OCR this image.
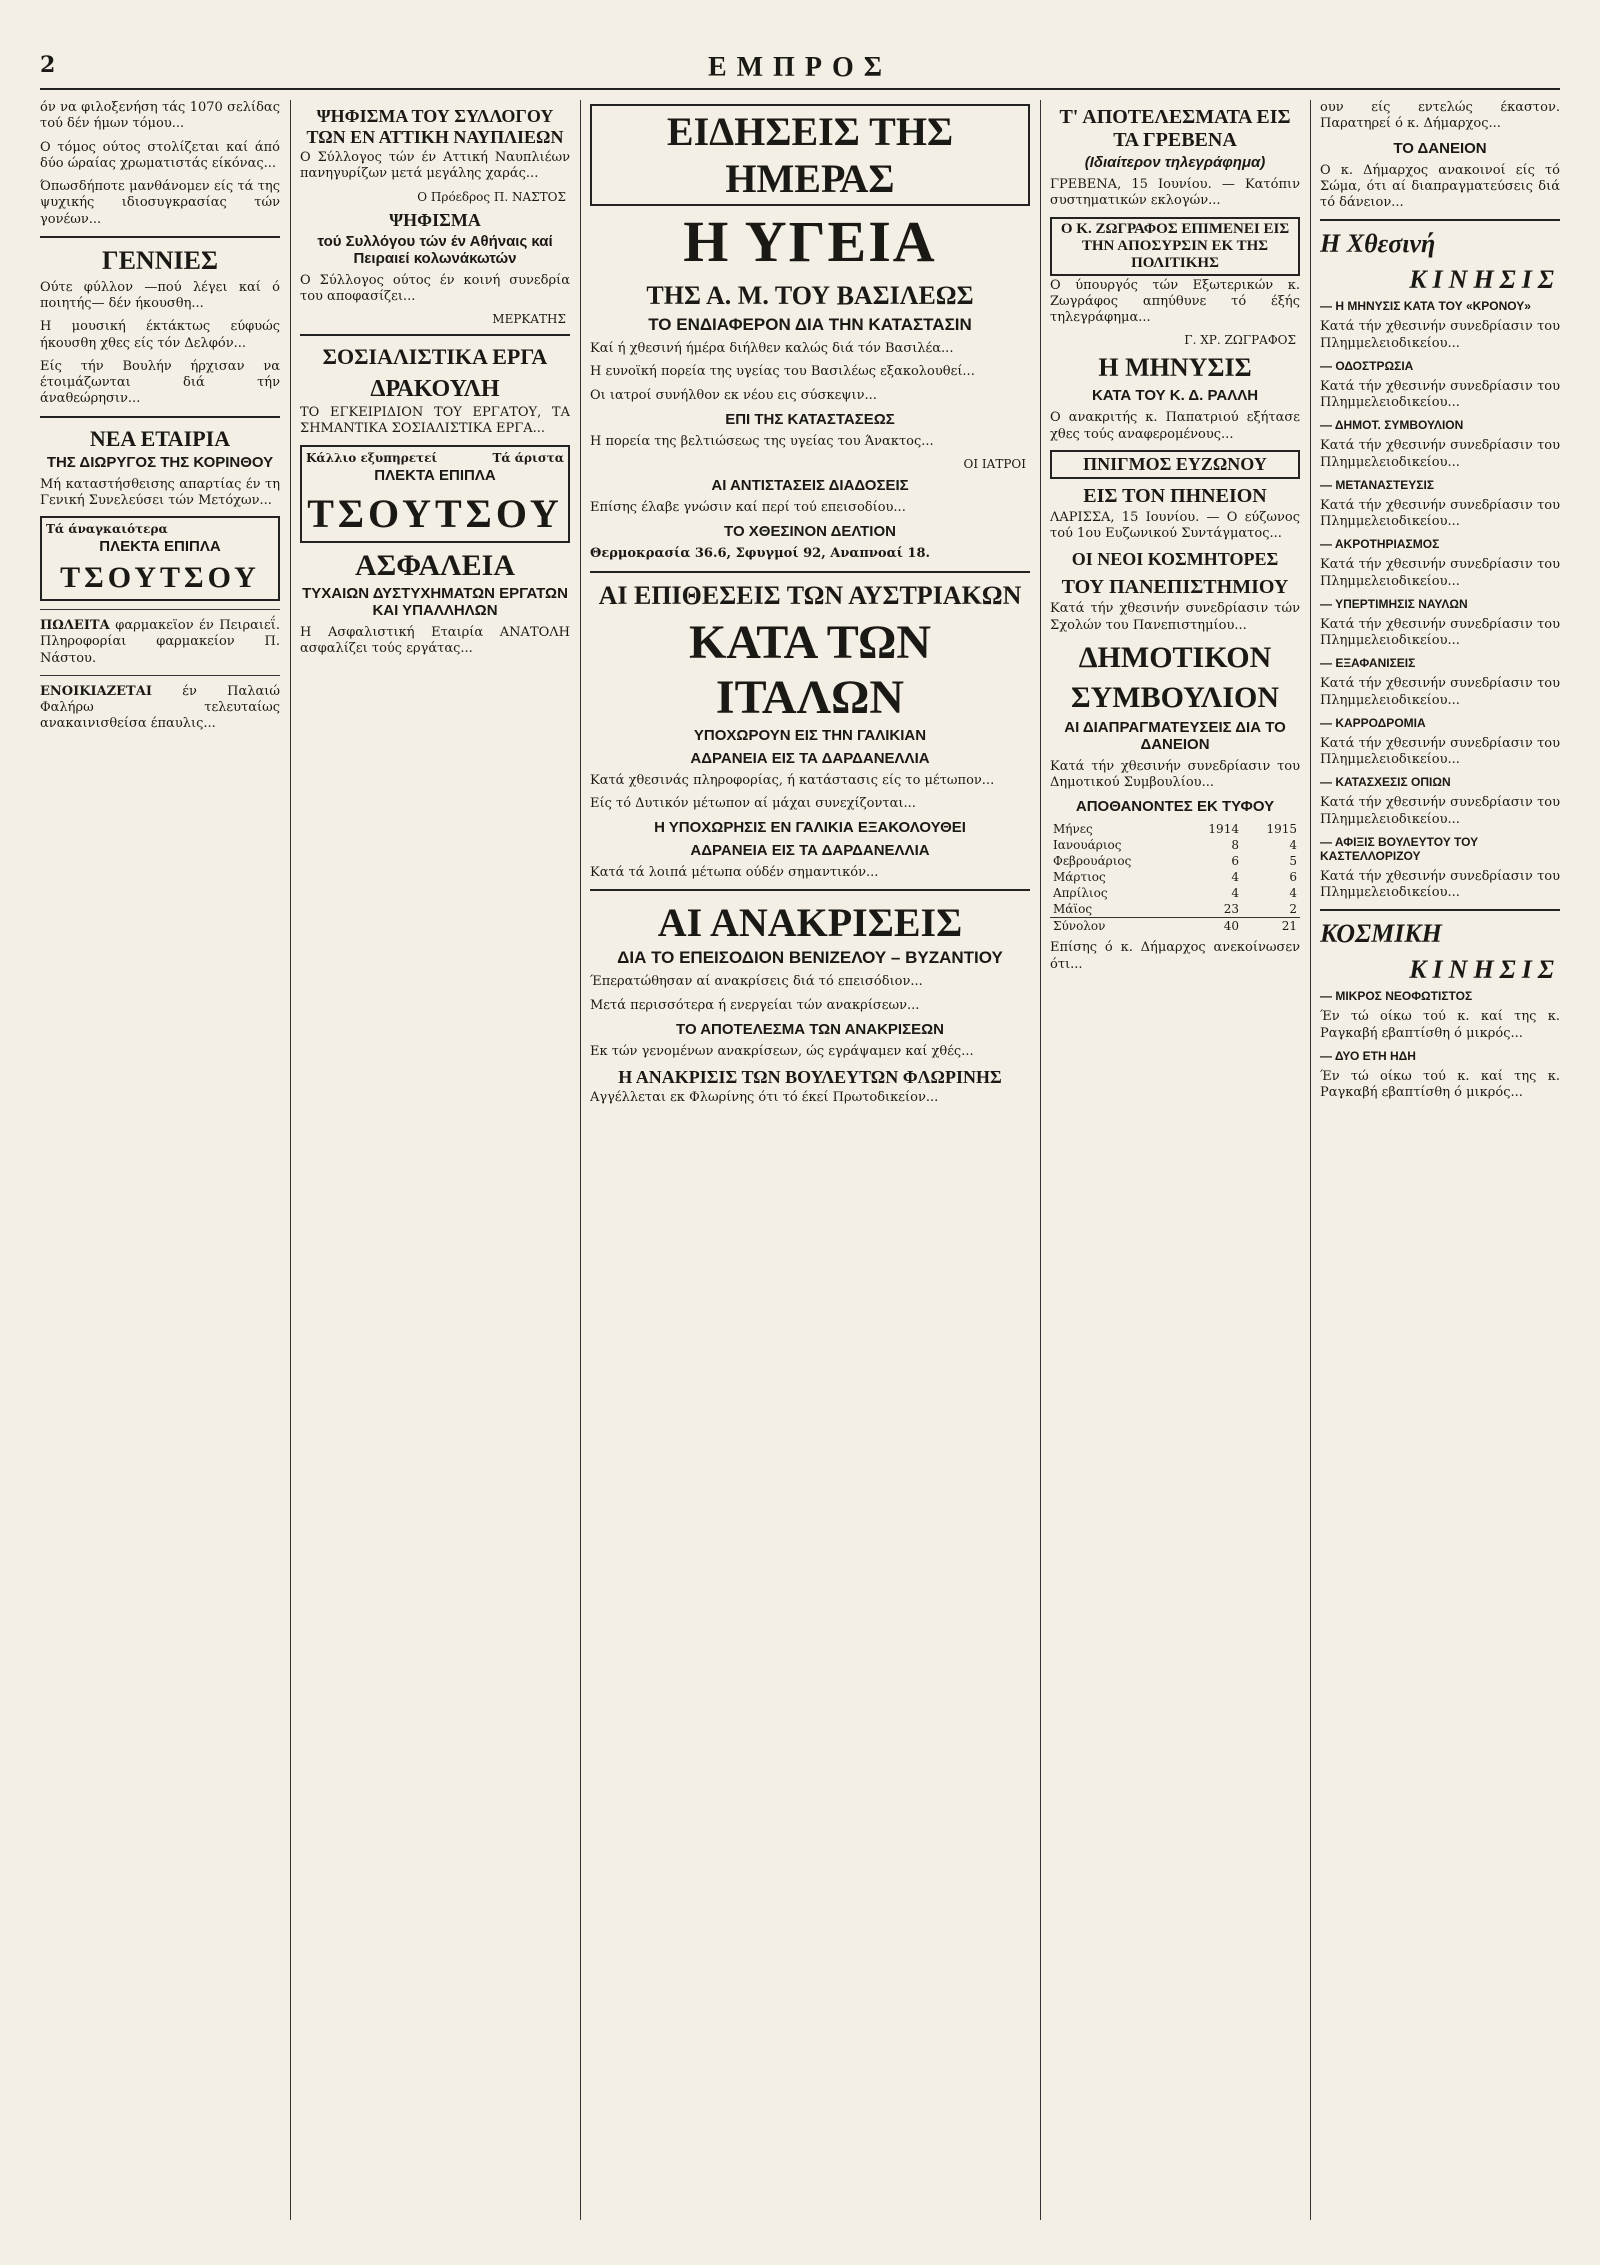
2	ΕΜΠΡΟΣ

όν να φιλοξενήση τάς 1070 σελίδας τού δέν ήμων τόμου...

Ο τόμος ούτος στολίζεται καί άπό δύο ώραίας χρωματιστάς είκόνας...

Όπωσδήποτε μανθάνομεν είς τά της ψυχικής ιδιοσυγκρασίας τών γονέων...

ΓΕΝΝΙΕΣ

Ούτε φύλλον —πού λέγει καί ό ποιητής— δέν ήκουσθη...

Η μουσική έκτάκτως εύφυώς ήκουσθη χθες είς τόν Δελφόν...

Είς τήν Βουλήν ήρχισαν να έτοιμάζωνται διά τήν άναθεώρησιν...

ΝΕΑ ΕΤΑΙΡΙΑ
ΤΗΣ ΔΙΩΡΥΓΟΣ ΤΗΣ ΚΟΡΙΝΘΟΥ

Μή καταστήσθεισης απαρτίας έν τη Γενική Συνελεύσει τών Μετόχων...

Τά άναγκαιότερα
ΠΛΕΚΤΑ ΕΠΙΠΛΑ
ΤΣΟΥΤΣΟΥ

ΠΩΛΕΙΤΑ φαρμακεϊον έν Πειραιεΐ. Πληροφορίαι φαρμακείον Π. Νάστου.

ΕΝΟΙΚΙΑΖΕΤΑΙ έν Παλαιώ Φαλήρω τελευταίως ανακαινισθείσα έπαυλις...

ΨΗΦΙΣΜΑ ΤΟΥ ΣΥΛΛΟΓΟΥ ΤΩΝ ΕΝ ΑΤΤΙΚΗ ΝΑΥΠΛΙΕΩΝ

Ο Σύλλογος τών έν Αττική Ναυπλιέων πανηγυρίζων μετά μεγάλης χαράς...

Ο Πρόεδρος Π. ΝΑΣΤΟΣ
ΨΗΦΙΣΜΑ
τού Συλλόγου τών έν Αθήναις καί Πειραιεί κολωνάκωτών

Ο Σύλλογος ούτος έν κοινή συνεδρία του αποφασίζει...

ΜΕΡΚΑΤΗΣ
ΣΟΣΙΑΛΙΣΤΙΚΑ ΕΡΓΑ
ΔΡΑΚΟΥΛΗ

ΤΟ ΕΓΚΕΙΡΙΔΙΟΝ ΤΟΥ ΕΡΓΑΤΟΥ, ΤΑ ΣΗΜΑΝΤΙΚΑ ΣΟΣΙΑΛΙΣΤΙΚΑ ΕΡΓΑ...

Κάλλιο εξυπηρετεί	Τά άριστα
ΠΛΕΚΤΑ ΕΠΙΠΛΑ
ΤΣΟΥΤΣΟΥ
ΑΣΦΑΛΕΙΑ
ΤΥΧΑΙΩΝ ΔΥΣΤΥΧΗΜΑΤΩΝ ΕΡΓΑΤΩΝ ΚΑΙ ΥΠΑΛΛΗΛΩΝ

Η Ασφαλιστική Εταιρία ΑΝΑΤΟΛΗ ασφαλίζει τούς εργάτας...

ΕΙΔΗΣΕΙΣ ΤΗΣ ΗΜΕΡΑΣ
Η ΥΓΕΙΑ
ΤΗΣ Α. Μ. ΤΟΥ ΒΑΣΙΛΕΩΣ
ΤΟ ΕΝΔΙΑΦΕΡΟΝ ΔΙΑ ΤΗΝ ΚΑΤΑΣΤΑΣΙΝ

Καί ή χθεσινή ήμέρα διήλθεν καλώς διά τόν Βασιλέα...

Η ευνοϊκή πορεία της υγείας του Βασιλέως εξακολουθεί...

Οι ιατροί συνήλθον εκ νέου εις σύσκεψιν...

ΕΠΙ ΤΗΣ ΚΑΤΑΣΤΑΣΕΩΣ

Η πορεία της βελτιώσεως της υγείας του Άνακτος...

ΟΙ ΙΑΤΡΟΙ
ΑΙ ΑΝΤΙΣΤΑΣΕΙΣ ΔΙΑΔΟΣΕΙΣ

Επίσης έλαβε γνώσιν καί περί τού επεισοδίου...

ΤΟ ΧΘΕΣΙΝΟΝ ΔΕΛΤΙΟΝ

Θερμοκρασία 36.6, Σφυγμοί 92, Αναπνοαί 18.

ΑΙ ΕΠΙΘΕΣΕΙΣ ΤΩΝ ΑΥΣΤΡΙΑΚΩΝ
ΚΑΤΑ ΤΩΝ ΙΤΑΛΩΝ
ΥΠΟΧΩΡΟΥΝ ΕΙΣ ΤΗΝ ΓΑΛΙΚΙΑΝ
ΑΔΡΑΝΕΙΑ ΕΙΣ ΤΑ ΔΑΡΔΑΝΕΛΛΙΑ

Κατά χθεσινάς πληροφορίας, ή κατάστασις είς το μέτωπον...

Είς τό Δυτικόν μέτωπον αί μάχαι συνεχίζονται...

Η ΥΠΟΧΩΡΗΣΙΣ ΕΝ ΓΑΛΙΚΙΑ ΕΞΑΚΟΛΟΥΘΕΙ
ΑΔΡΑΝΕΙΑ ΕΙΣ ΤΑ ΔΑΡΔΑΝΕΛΛΙΑ

Κατά τά λοιπά μέτωπα ούδέν σημαντικόν...

ΑΙ ΑΝΑΚΡΙΣΕΙΣ
ΔΙΑ ΤΟ ΕΠΕΙΣΟΔΙΟΝ ΒΕΝΙΖΕΛΟΥ – ΒΥΖΑΝΤΙΟΥ

Έπερατώθησαν αί ανακρίσεις διά τό επεισόδιον...

Μετά περισσότερα ή ενεργείαι τών ανακρίσεων...

ΤΟ ΑΠΟΤΕΛΕΣΜΑ ΤΩΝ ΑΝΑΚΡΙΣΕΩΝ

Εκ τών γενομένων ανακρίσεων, ώς εγράψαμεν καί χθές...

Η ΑΝΑΚΡΙΣΙΣ ΤΩΝ ΒΟΥΛΕΥΤΩΝ ΦΛΩΡΙΝΗΣ

Αγγέλλεται εκ Φλωρίνης ότι τό έκεί Πρωτοδικείον...

Τ' ΑΠΟΤΕΛΕΣΜΑΤΑ ΕΙΣ ΤΑ ΓΡΕΒΕΝΑ
(Ιδιαίτερον τηλεγράφημα)

ΓΡΕΒΕΝΑ, 15 Ιουνίου. — Κατόπιν συστηματικών εκλογών...

Ο Κ. ΖΩΓΡΑΦΟΣ ΕΠΙΜΕΝΕΙ ΕΙΣ ΤΗΝ ΑΠΟΣΥΡΣΙΝ ΕΚ ΤΗΣ ΠΟΛΙΤΙΚΗΣ

Ο ύπουργός τών Εξωτερικών κ. Ζωγράφος απηύθυνε τό έξής τηλεγράφημα...

Γ. ΧΡ. ΖΩΓΡΑΦΟΣ
Η ΜΗΝΥΣΙΣ
ΚΑΤΑ ΤΟΥ Κ. Δ. ΡΑΛΛΗ

Ο ανακριτής κ. Παπατριού εξήτασε χθες τούς αναφερομένους...

ΠΝΙΓΜΟΣ ΕΥΖΩΝΟΥ
ΕΙΣ ΤΟΝ ΠΗΝΕΙΟΝ

ΛΑΡΙΣΣΑ, 15 Ιουνίου. — Ο εύζωνος τού 1ου Ευζωνικού Συντάγματος...

ΟΙ ΝΕΟΙ ΚΟΣΜΗΤΟΡΕΣ
ΤΟΥ ΠΑΝΕΠΙΣΤΗΜΙΟΥ

Κατά τήν χθεσινήν συνεδρίασιν τών Σχολών του Πανεπιστημίου...

ΔΗΜΟΤΙΚΟΝ
ΣΥΜΒΟΥΛΙΟΝ
ΑΙ ΔΙΑΠΡΑΓΜΑΤΕΥΣΕΙΣ ΔΙΑ ΤΟ ΔΑΝΕΙΟΝ

Κατά τήν χθεσινήν συνεδρίασιν του Δημοτικού Συμβουλίου...

ΑΠΟΘΑΝΟΝΤΕΣ ΕΚ ΤΥΦΟΥ
Μήνες	1914	1915
Ιανουάριος	8	4
Φεβρουάριος	6	5
Μάρτιος	4	6
Απρίλιος	4	4
Μάϊος	23	2
Σύνολον	40	21

Επίσης ό κ. Δήμαρχος ανεκοίνωσεν ότι...

ουν είς εντελώς έκαστον. Παρατηρεί ό κ. Δήμαρχος...

ΤΟ ΔΑΝΕΙΟΝ

Ο κ. Δήμαρχος ανακοινοί είς τό Σώμα, ότι αί διαπραγματεύσεις διά τό δάνειον...

Η Χθεσινή
ΚΙΝΗΣΙΣ
— Η ΜΗΝΥΣΙΣ ΚΑΤΑ ΤΟΥ «ΚΡΟΝΟΥ»

Κατά τήν χθεσινήν συνεδρίασιν του Πλημμελειοδικείου...

— ΟΔΟΣΤΡΩΣΙΑ

Κατά τήν χθεσινήν συνεδρίασιν του Πλημμελειοδικείου...

— ΔΗΜΟΤ. ΣΥΜΒΟΥΛΙΟΝ

Κατά τήν χθεσινήν συνεδρίασιν του Πλημμελειοδικείου...

— ΜΕΤΑΝΑΣΤΕΥΣΙΣ

Κατά τήν χθεσινήν συνεδρίασιν του Πλημμελειοδικείου...

— ΑΚΡΟΤΗΡΙΑΣΜΟΣ

Κατά τήν χθεσινήν συνεδρίασιν του Πλημμελειοδικείου...

— ΥΠΕΡΤΙΜΗΣΙΣ ΝΑΥΛΩΝ

Κατά τήν χθεσινήν συνεδρίασιν του Πλημμελειοδικείου...

— ΕΞΑΦΑΝΙΣΕΙΣ

Κατά τήν χθεσινήν συνεδρίασιν του Πλημμελειοδικείου...

— ΚΑΡΡΟΔΡΟΜΙΑ

Κατά τήν χθεσινήν συνεδρίασιν του Πλημμελειοδικείου...

— ΚΑΤΑΣΧΕΣΙΣ ΟΠΙΩΝ

Κατά τήν χθεσινήν συνεδρίασιν του Πλημμελειοδικείου...

— ΑΦΙΞΙΣ ΒΟΥΛΕΥΤΟΥ ΤΟΥ ΚΑΣΤΕΛΛΟΡΙΖΟΥ

Κατά τήν χθεσινήν συνεδρίασιν του Πλημμελειοδικείου...

ΚΟΣΜΙΚΗ
ΚΙΝΗΣΙΣ
— ΜΙΚΡΟΣ ΝΕΟΦΩΤΙΣΤΟΣ

Έν τώ οίκω τού κ. καί της κ. Ραγκαβή εβαπτίσθη ό μικρός...

— ΔΥΟ ΕΤΗ ΗΔΗ

Έν τώ οίκω τού κ. καί της κ. Ραγκαβή εβαπτίσθη ό μικρός...
